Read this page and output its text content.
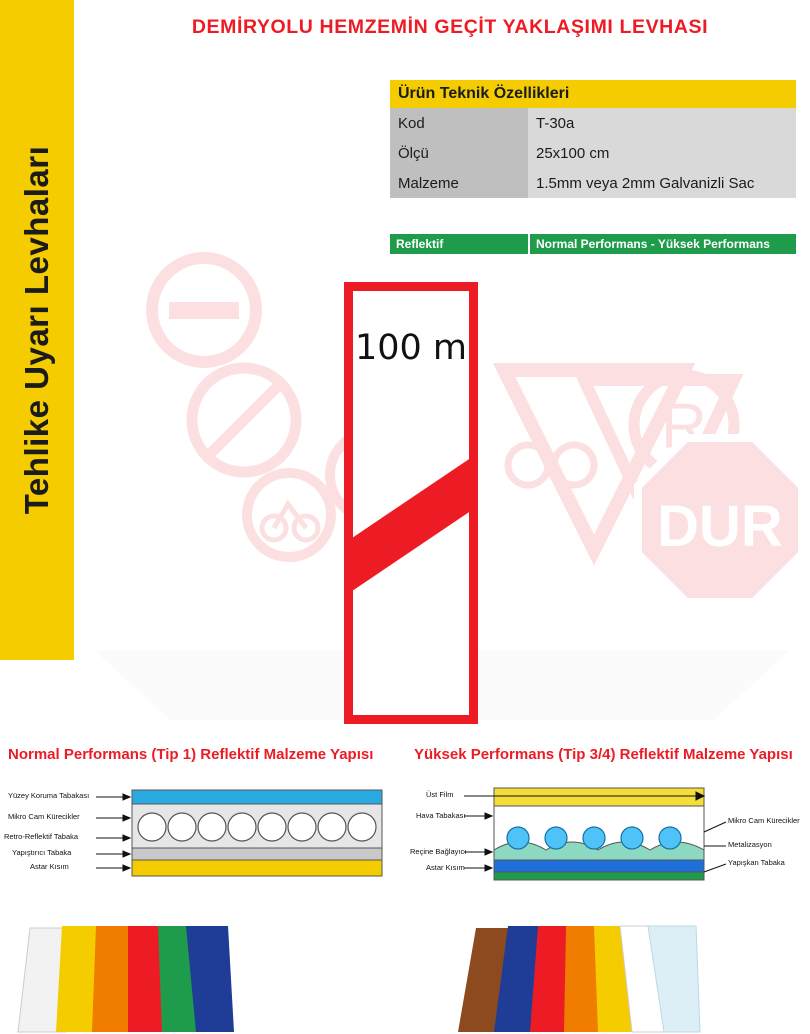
Tehlike Uyarı Levhaları
DEMİRYOLU HEMZEMİN GEÇİT YAKLAŞIMI LEVHASI
Ürün Teknik Özellikleri	
Kod	T-30a
Ölçü	25x100 cm
Malzeme	1.5mm veya 2mm Galvanizli Sac
Reflektif	Normal Performans - Yüksek Performans
R
DUR
100 m
Normal Performans (Tip 1) Reflektif Malzeme Yapısı	Yüksek Performans (Tip 3/4) Reflektif Malzeme Yapısı
Yüzey Koruma Tabakası
Mikro Cam Kürecikler
Retro-Reflektif Tabaka
Yapıştırıcı Tabaka
Astar Kısım
Üst Film
Hava Tabakası
Reçine Bağlayıcı
Astar Kısım
Mikro Cam Kürecikler
Metalizasyon
Yapışkan Tabaka
